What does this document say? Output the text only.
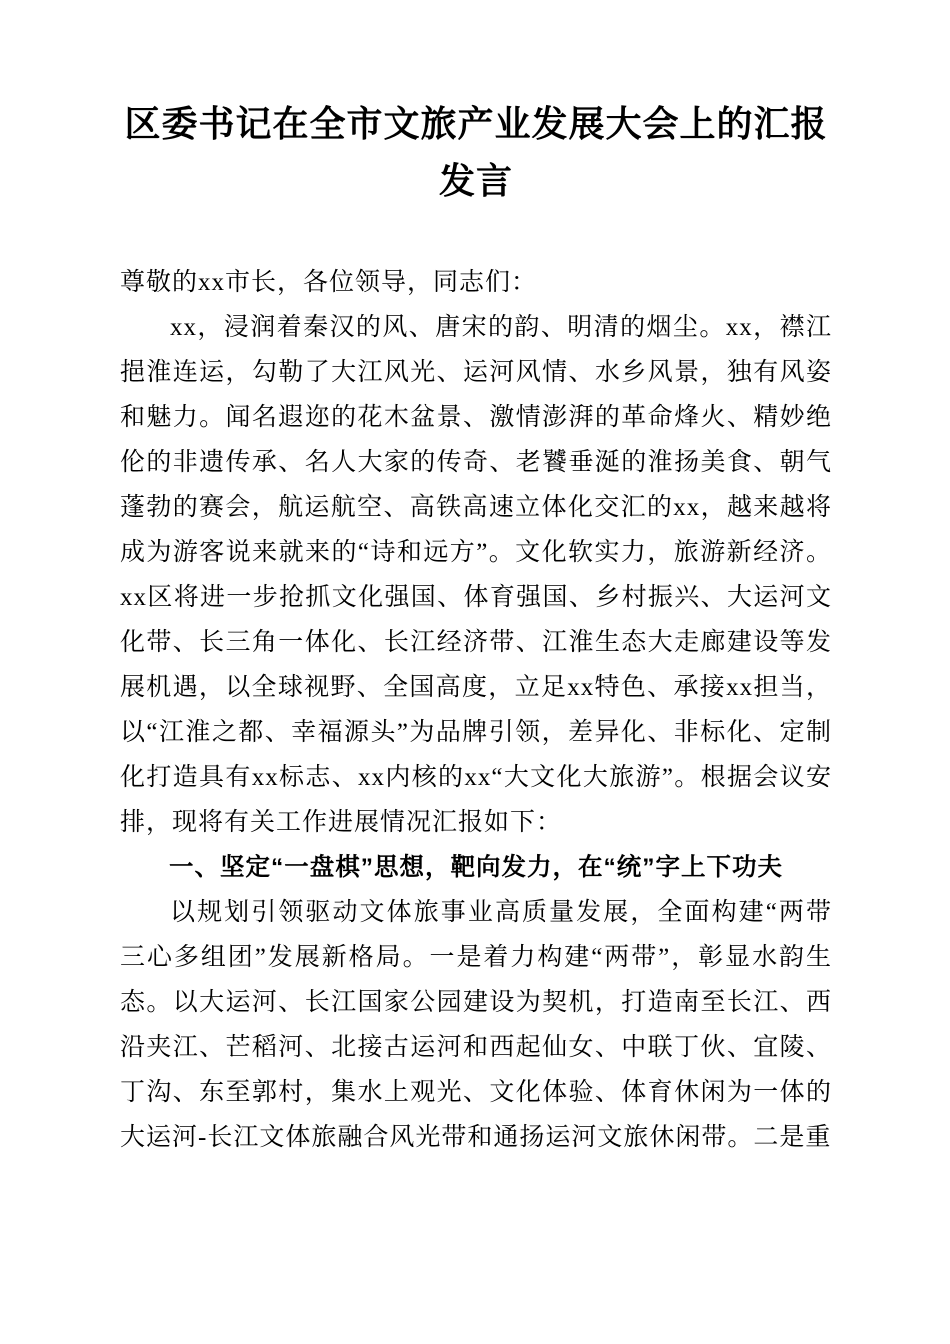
区委书记在全市文旅产业发展大会上的汇报发言

尊敬的xx市长，各位领导，同志们：

xx，浸润着秦汉的风、唐宋的韵、明清的烟尘。xx，襟江挹淮连运，勾勒了大江风光、运河风情、水乡风景，独有风姿和魅力。闻名遐迩的花木盆景、激情澎湃的革命烽火、精妙绝伦的非遗传承、名人大家的传奇、老饕垂涎的淮扬美食、朝气蓬勃的赛会，航运航空、高铁高速立体化交汇的xx，越来越将成为游客说来就来的“诗和远方”。文化软实力，旅游新经济。xx区将进一步抢抓文化强国、体育强国、乡村振兴、大运河文化带、长三角一体化、长江经济带、江淮生态大走廊建设等发展机遇，以全球视野、全国高度，立足xx特色、承接xx担当，以“江淮之都、幸福源头”为品牌引领，差异化、非标化、定制化打造具有xx标志、xx内核的xx“大文化大旅游”。根据会议安排，现将有关工作进展情况汇报如下：

一、坚定“一盘棋”思想，靶向发力，在“统”字上下功夫

以规划引领驱动文体旅事业高质量发展，全面构建“两带三心多组团”发展新格局。一是着力构建“两带”，彰显水韵生态。以大运河、长江国家公园建设为契机，打造南至长江、西沿夹江、芒稻河、北接古运河和西起仙女、中联丁伙、宜陵、丁沟、东至郭村，集水上观光、文化体验、体育休闲为一体的大运河-长江文体旅融合风光带和通扬运河文旅休闲带。二是重
